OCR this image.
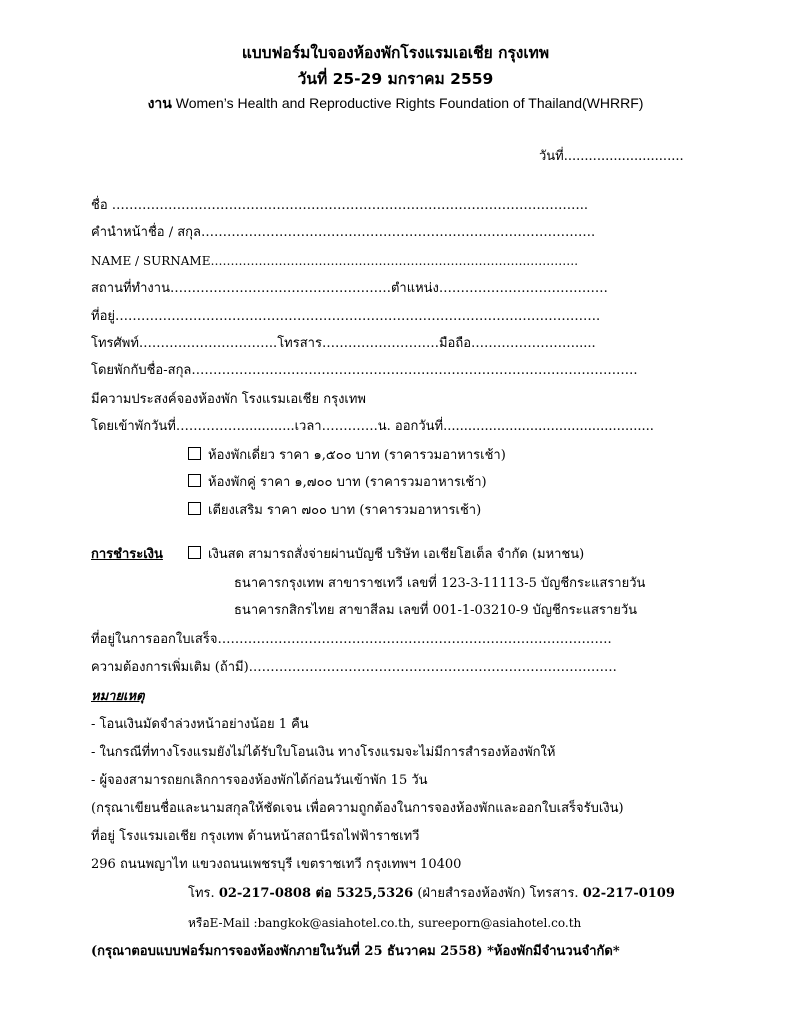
แบบฟอร์มใบจองห้องพักโรงแรมเอเชีย กรุงเทพ
วันที่ 25-29 มกราคม 2559
งาน Women’s Health and Reproductive Rights Foundation of Thailand(WHRRF)
วันที่.............................
ชื่อ ………………………………………………………………………………………………..
คำนำหน้าชื่อ / สกุล……………………………………………………………………………….
NAME / SURNAME…………………………………………………………………….………….
สถานที่ทำงาน……………………………………………ตำแหน่ง…………………………………
ที่อยู่………………………………………………………………………………………………….
โทรศัพท์…………………………..โทรสาร………………………มือถือ…………………….....
โดยพักกับชื่อ-สกุล………………………………………………………………………………………….
มีความประสงค์จองห้องพัก โรงแรมเอเชีย กรุงเทพ
โดยเข้าพักวันที่…………….............เวลา………….น. ออกวันที่...................................................
ห้องพักเดี่ยว ราคา ๑,๕๐๐ บาท (ราคารวมอาหารเช้า)
ห้องพักคู่ ราคา ๑,๗๐๐ บาท (ราคารวมอาหารเช้า)
เตียงเสริม ราคา ๗๐๐ บาท (ราคารวมอาหารเช้า)
การชำระเงิน	เงินสด สามารถสั่งจ่ายผ่านบัญชี บริษัท เอเชียโฮเต็ล จำกัด (มหาชน)
ธนาคารกรุงเทพ สาขาราชเทวี เลขที่ 123-3-11113-5 บัญชีกระแสรายวัน
ธนาคารกสิกรไทย สาขาสีลม เลขที่ 001-1-03210-9 บัญชีกระแสรายวัน
ที่อยู่ในการออกใบเสร็จ……………………………………………………………………………….
ความต้องการเพิ่มเติม (ถ้ามี)………………………………………………………………………….
หมายเหตุ
- โอนเงินมัดจำล่วงหน้าอย่างน้อย 1 คืน
- ในกรณีที่ทางโรงแรมยังไม่ได้รับใบโอนเงิน ทางโรงแรมจะไม่มีการสำรองห้องพักให้
- ผู้จองสามารถยกเลิกการจองห้องพักได้ก่อนวันเข้าพัก 15 วัน
(กรุณาเขียนชื่อและนามสกุลให้ชัดเจน เพื่อความถูกต้องในการจองห้องพักและออกใบเสร็จรับเงิน)
ที่อยู่ โรงแรมเอเชีย กรุงเทพ ด้านหน้าสถานีรถไฟฟ้าราชเทวี
296 ถนนพญาไท แขวงถนนเพชรบุรี เขตราชเทวี กรุงเทพฯ 10400
โทร. 02-217-0808 ต่อ 5325,5326 (ฝ่ายสำรองห้องพัก) โทรสาร. 02-217-0109
หรือE-Mail :bangkok@asiahotel.co.th, sureeporn@asiahotel.co.th
(กรุณาตอบแบบฟอร์มการจองห้องพักภายในวันที่ 25 ธันวาคม 2558) *ห้องพักมีจำนวนจำกัด*
